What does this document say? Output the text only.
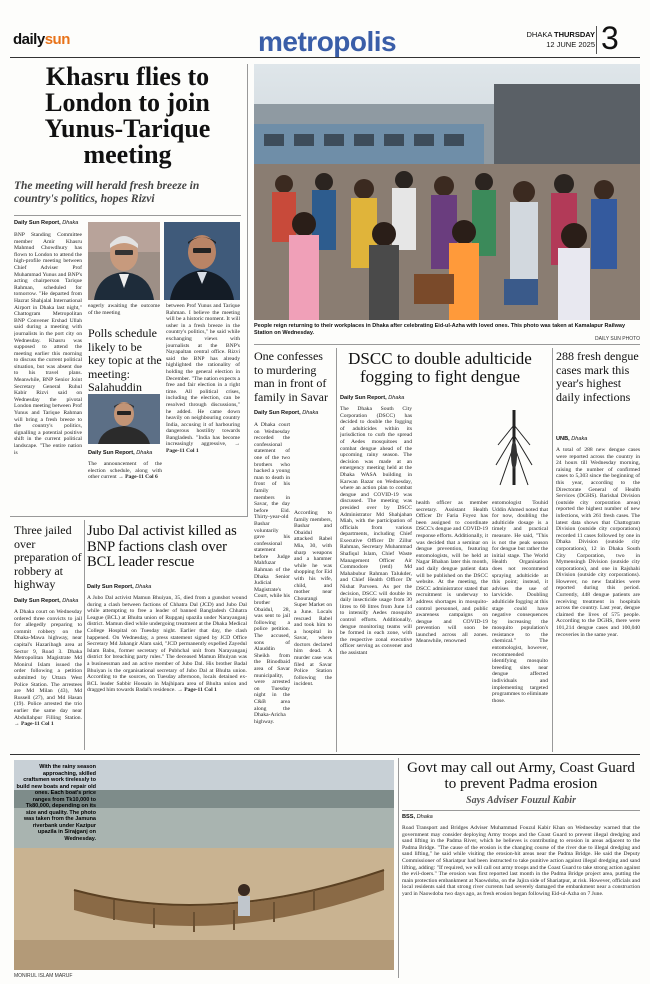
dailysun	metropolis	DHAKA THURSDAY
12 JUNE 2025 3
Khasru flies to London to join Yunus-Tarique meeting
The meeting will herald fresh breeze in country's politics, hopes Rizvi
Daily Sun Report, Dhaka
BNP Standing Committee member Amir Khasru Mahmud Chowdhury has flown to London to attend the high-profile meeting between Chief Adviser Prof Muhammad Yunus and BNP's acting chairperson Tarique Rahman, scheduled for tomorrow. "He departed from Hazrat Shahjalal International Airport in Dhaka last night," Chattogram Metropolitan BNP Convener Ershad Ullah said during a meeting with journalists in the port city on Wednesday. Khasru was supposed to attend the meeting earlier this morning to discuss the current political situation, but was absent due to his travel plans. Meanwhile, BNP Senior Joint Secretary General Ruhul Kabir Rizvi said on Wednesday the pivotal London meeting between Prof Yunus and Tarique Rahman will bring a fresh breeze to the country's politics, signalling a potential positive shift in the current political landscape. "The entire nation is
eagerly awaiting the outcome of the meeting
between Prof Yunus and Tarique Rahman. I believe the meeting will be a historic moment. It will usher in a fresh breeze in the country's politics," he said while exchanging views with journalists at the BNP's Nayapaltan central office. Rizvi said the BNP has already highlighted the rationality of holding the general election in December. "The nation expects a free and fair election in a right time. All political crises, including the election, can be resolved through discussions," he added. He came down heavily on neighbouring country India, accusing it of harbouring dangerous hostility towards Bangladesh. "India has become increasingly aggressive, → Page-11 Col 1
Polls schedule likely to be key topic at the meeting: Salahuddin
Daily Sun Report, Dhaka
The announcement of the election schedule, along with other current → Page-11 Col 6
People reign returning to their workplaces in Dhaka after celebrating Eid-ul-Azha with loved ones. This photo was taken at Kamalapur Railway Station on Wednesday.
DAILY SUN PHOTO
One confesses to murdering man in front of family in Savar
Daily Sun Report, Dhaka
A Dhaka court on Wednesday recorded the confessional statement of one of the two brothers who hacked a young man to death in front of his family members in Savar, the day before Eid. Thirty-year-old Bashar voluntarily gave his confessional statement before Judge Mahfuzar Rahman of the Dhaka Senior Judicial Magistrate's Court, while his brother Obaidul, 28, was sent to jail following a police petition. The accused, sons of Alauddin Sheikh from the Binodbaid area of Savar municipality, were arrested on Tuesday night in the C&B area along the Dhaka-Aricha highway.
According to family members, Bashar and Obaidul attacked Rabel Mia, 30, with sharp weapons and a hammer while he was shopping for Eid with his wife, child, and mother near Chourangi Super Market on a June. Locals rescued Rabel and took him to a hospital in Savar, where doctors declared him dead. A murder case was filed at Savar Police Station following the incident.
Jubo Dal activist killed as BNP factions clash over BCL leader rescue
Daily Sun Report, Dhaka
A Jubo Dal activist Mamun Bhuiyan, 35, died from a gunshot wound during a clash between factions of Chhatra Dal (JCD) and Jubo Dal while attempting to free a leader of banned Bangladesh Chhatra League (BCL) at Bhulta union of Rupganj upazila under Narayanganj district. Mamun died while undergoing treatment at the Dhaka Medical College Hospital on Tuesday night. Earlier that day, the clash happened. On Wednesday, a press statement signed by JCD Office Secretary Md Jahangir Alam said, "JCD permanently expelled Zayedul Islam Babu, former secretary of Pubhchal unit from Narayanganj district for breaching party rules." The deceased Mamun Bhuiyan was a businessman and an active member of Jubo Dal. His brother Badal Bhuiyan is the organisational secretary of Jubo Dal at Bhulta union. According to the sources, on Tuesday afternoon, locals detained ex-BCL leader Sabbir Hossain in Majhipara area of Bhulta union and dragged him towards Badal's residence. → Page-11 Col 1
Three jailed over preparation of robbery at highway
Daily Sun Report, Dhaka
A Dhaka court on Wednesday ordered three convicts to jail for allegedly preparing to commit robbery on the Dhaka-Mawa highway, near capital's Hazaribagh area at Sector 9, Road 3. Dhaka Metropolitan Magistrate Md Monirul Islam issued the order following a petition submitted by Uttara West Police Station. The arrestees are Md Milan (43), Md Russell (27), and Md Hasan (19). Police arrested the trio earlier the same day near Abdullahpur Filling Station. → Page-11 Col 1
DSCC to double adulticide fogging to fight dengue
Daily Sun Report, Dhaka
The Dhaka South City Corporation (DSCC) has decided to double the fogging of adulticides within its jurisdiction to curb the spread of Aedes mosquitoes and combat dengue ahead of the upcoming rainy season. The decision was made at an emergency meeting held at the Dhaka WASA building in Karwan Bazar on Wednesday, where an action plan to combat dengue and COVID-19 was discussed. The meeting was presided over by DSCC Administrator Md Shahjahan Miah, with the participation of officials from various departments, including Chief Executive Officer Dr Zillur Rahman, Secretary Muhammad Shafiqul Islam, Chief Waste Management Officer Air Commodore (retd) Md Mahabubur Rahman Talukder, and Chief Health Officer Dr Nishat Parveen. As per the decision, DSCC will double its daily insecticide usage from 30 litres to 60 litres from June 14 to intensify Aedes mosquito control efforts. Additionally, dengue monitoring teams will be formed in each zone, with the respective zonal executive officer serving as convener and the assistant
health officer as member secretary. Assistant Health Officer Dr Faria Foyez has been assigned to coordinate DSCC's dengue and COVID-19 response efforts. Additionally, it was decided that a seminar on dengue prevention, featuring entomologists, will be held at Nagar Bhaban later this month, and daily dengue patient data will be published on the DSCC website. At the meeting, the DSCC administrator stated that recruitment is underway to address shortages in mosquito-control personnel, and public awareness campaigns on dengue and COVID-19 prevention will soon be launched across all zones. Meanwhile, renowned
entomologist Touhid Uddin Ahmed noted that for now, doubling the adulticide dosage is a timely and practical measure. He said, "This is not the peak season for dengue but rather the initial stage. The World Health Organisation does not recommend spraying adulticide at this point; instead, it advises the use of larvicide. Doubling adulticide fogging at this stage could have negative consequences by increasing the mosquito population's resistance to the chemical." The entomologist, however, recommended identifying mosquito breeding sites near dengue affected individuals and implementing targeted programmes to eliminate those.
288 fresh dengue cases mark this year's highest daily infections
UNB, Dhaka
A total of 288 new dengue cases were reported across the country in 24 hours till Wednesday morning, raising the number of confirmed cases to 5,303 since the beginning of this year, according to the Directorate General of Health Services (DGHS). Barishal Division (outside city corporation areas) reported the highest number of new infections, with 261 fresh cases. The latest data shows that Chattogram Division (outside city corporations) recorded 11 cases followed by one in Dhaka Division (outside city corporations), 12 in Dhaka South City Corporation, two in Mymensingh Division (outside city corporations), and one in Rajshahi Division (outside city corporations). However, no new fatalities were reported during this period. Currently, 448 dengue patients are receiving treatment in hospitals across the country. Last year, dengue claimed the lives of 575 people. According to the DGHS, there were 101,214 dengue cases and 100,040 recoveries in the same year.
With the rainy season approaching, skilled craftsmen work tirelessly to build new boats and repair old ones. Each boat's price ranges from Tk10,000 to Tk80,000, depending on its size and quality. The photo was taken from the Jamuna riverbank under Kazipur upazila in Sirajganj on Wednesday.
MONIRUL ISLAM MARUF
Govt may call out Army, Coast Guard to prevent Padma erosion
Says Adviser Fouzul Kabir
BSS, Dhaka
Road Transport and Bridges Adviser Muhammad Fouzul Kabir Khan on Wednesday warned that the government may consider deploying Army troops and the Coast Guard to prevent illegal dredging and sand lifting in the Padma River, which he believes is contributing to erosion in areas adjacent to the Padma Bridge. "The cause of the erosion is the changing course of the river due to illegal dredging and sand lifting," he said while visiting the erosion-hit areas near the Padma Bridge. He said the Deputy Commissioner of Shariatpur had been instructed to take punitive action against illegal dredging and sand lifting, adding: "If required, we will call out army troops and the Coast Guard to take strong action against the evil-doers." The erosion was first reported last month in the Padma Bridge project area, putting the main protection embankment at Naowdoba, on the Jajira side of Shariatpur, at risk. However, officials and local residents said that strong river currents had severely damaged the embankment near a construction yard in Naowdoba two days ago, as fresh erosion began following Eid-ul-Azha on 7 June.
